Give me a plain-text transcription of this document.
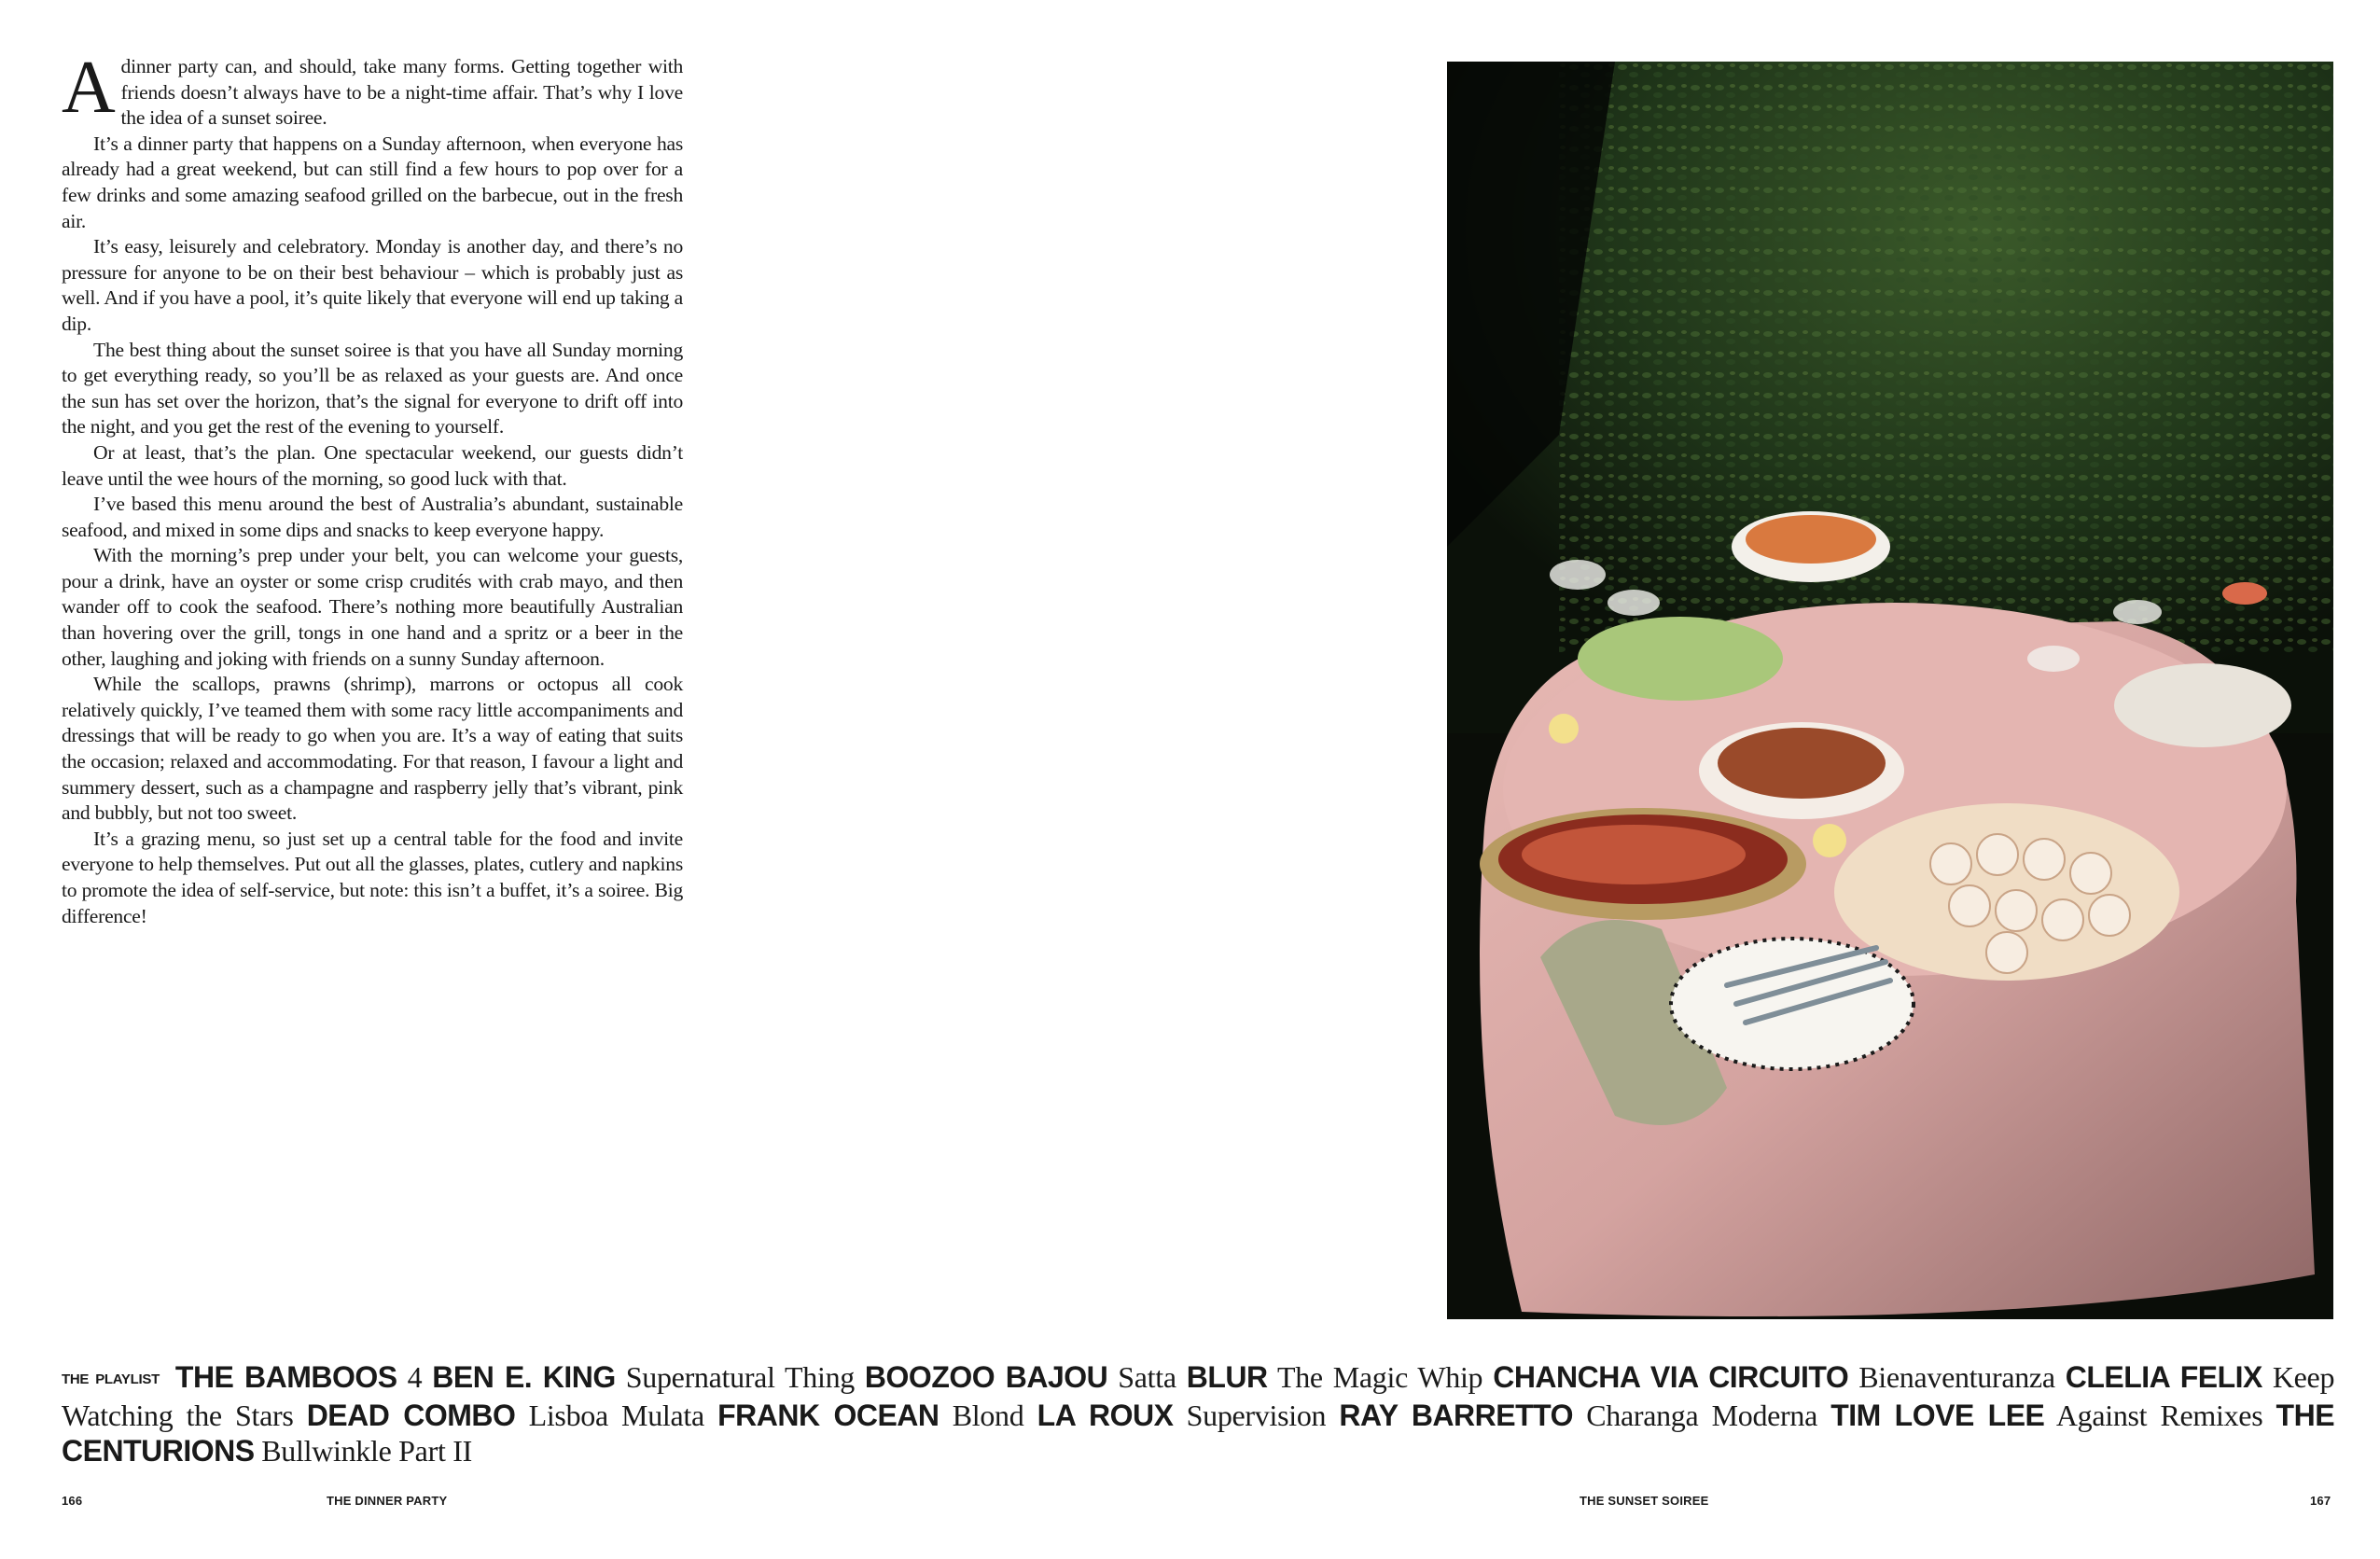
A dinner party can, and should, take many forms. Getting together with friends doesn’t always have to be a night-time affair. That’s why I love the idea of a sunset soiree.

It’s a dinner party that happens on a Sunday afternoon, when everyone has already had a great weekend, but can still find a few hours to pop over for a few drinks and some amazing seafood grilled on the barbecue, out in the fresh air.

It’s easy, leisurely and celebratory. Monday is another day, and there’s no pressure for anyone to be on their best behaviour – which is probably just as well. And if you have a pool, it’s quite likely that everyone will end up taking a dip.

The best thing about the sunset soiree is that you have all Sunday morning to get everything ready, so you’ll be as relaxed as your guests are. And once the sun has set over the horizon, that’s the signal for everyone to drift off into the night, and you get the rest of the evening to yourself.

Or at least, that’s the plan. One spectacular weekend, our guests didn’t leave until the wee hours of the morning, so good luck with that.

I’ve based this menu around the best of Australia’s abundant, sustainable seafood, and mixed in some dips and snacks to keep everyone happy.

With the morning’s prep under your belt, you can welcome your guests, pour a drink, have an oyster or some crisp crudités with crab mayo, and then wander off to cook the seafood. There’s nothing more beautifully Australian than hovering over the grill, tongs in one hand and a spritz or a beer in the other, laughing and joking with friends on a sunny Sunday afternoon.

While the scallops, prawns (shrimp), marrons or octopus all cook relatively quickly, I’ve teamed them with some racy little accompaniments and dressings that will be ready to go when you are. It’s a way of eating that suits the occasion; relaxed and accommodating. For that reason, I favour a light and summery dessert, such as a champagne and raspberry jelly that’s vibrant, pink and bubbly, but not too sweet.

It’s a grazing menu, so just set up a central table for the food and invite everyone to help themselves. Put out all the glasses, plates, cutlery and napkins to promote the idea of self-service, but note: this isn’t a buffet, it’s a soiree. Big difference!

THE PLAYLIST THE BAMBOOS 4 BEN E. KING Supernatural Thing BOOZOO BAJOU Satta BLUR The Magic Whip CHANCHA VIA CIRCUITO Bienaventuranza CLELIA FELIX Keep Watching the Stars DEAD COMBO Lisboa Mulata FRANK OCEAN Blond LA ROUX Supervision RAY BARRETTO Charanga Moderna TIM LOVE LEE Against Remixes THE CENTURIONS Bullwinkle Part II
166	THE DINNER PARTY	THE SUNSET SOIREE	167
